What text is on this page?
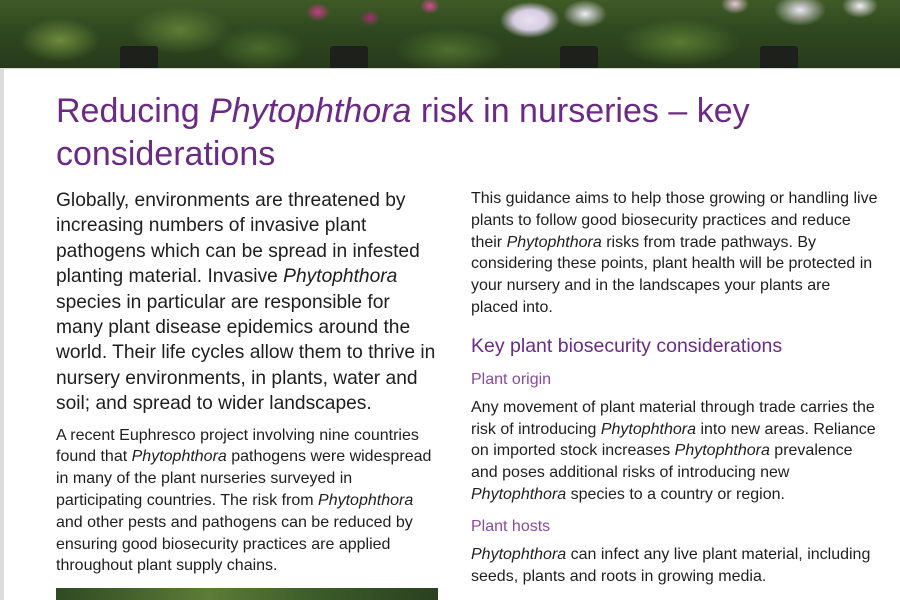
Reducing Phytophthora risk in nurseries – key considerations

Globally, environments are threatened by increasing numbers of invasive plant pathogens which can be spread in infested planting material. Invasive Phytophthora species in particular are responsible for many plant disease epidemics around the world. Their life cycles allow them to thrive in nursery environments, in plants, water and soil; and spread to wider landscapes.

A recent Euphresco project involving nine countries found that Phytophthora pathogens were widespread in many of the plant nurseries surveyed in participating countries. The risk from Phytophthora and other pests and pathogens can be reduced by ensuring good biosecurity practices are applied throughout plant supply chains.

This guidance aims to help those growing or handling live plants to follow good biosecurity practices and reduce their Phytophthora risks from trade pathways. By considering these points, plant health will be protected in your nursery and in the landscapes your plants are placed into.

Key plant biosecurity considerations
Plant origin

Any movement of plant material through trade carries the risk of introducing Phytophthora into new areas. Reliance on imported stock increases Phytophthora prevalence and poses additional risks of introducing new Phytophthora species to a country or region.

Plant hosts

Phytophthora can infect any live plant material, including seeds, plants and roots in growing media.
